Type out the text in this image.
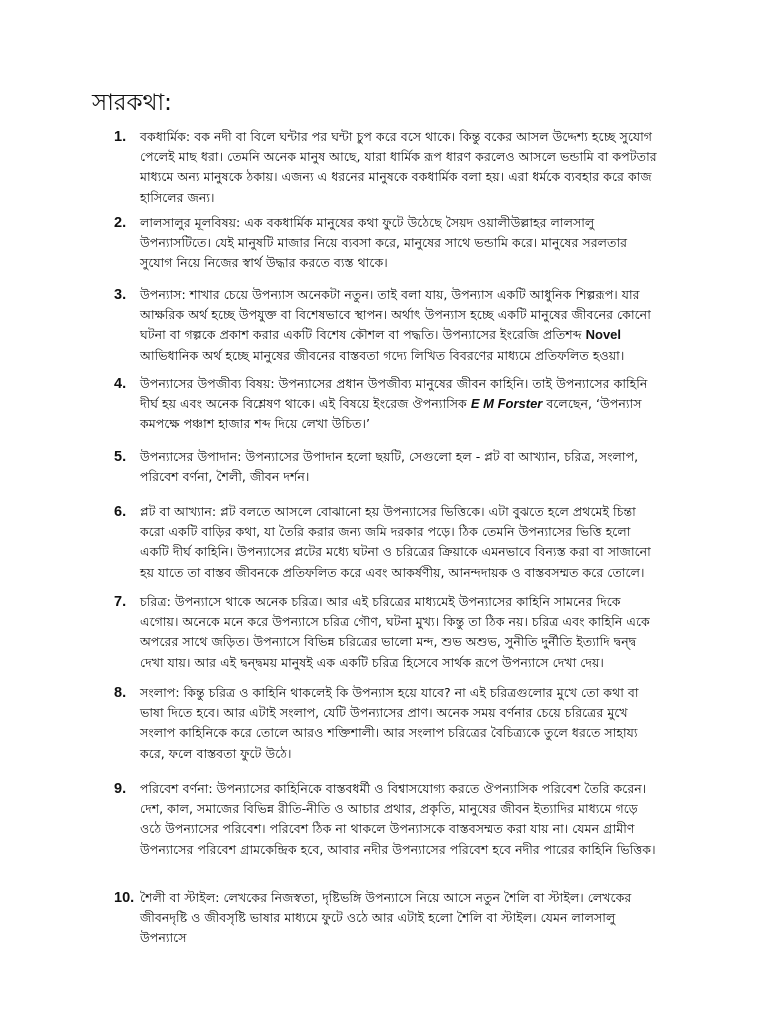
সারকথা:
1.	বকধার্মিক: বক নদী বা বিলে ঘন্টার পর ঘন্টা চুপ করে বসে থাকে। কিন্তু বকের আসল উদ্দেশ্য হচ্ছে সুযোগ পেলেই মাছ ধরা। তেমনি অনেক মানুষ আছে, যারা ধার্মিক রূপ ধারণ করলেও আসলে ভন্ডামি বা কপটতার মাধ্যমে অন্য মানুষকে ঠকায়। এজন্য এ ধরনের মানুষকে বকধার্মিক বলা হয়। এরা ধর্মকে ব্যবহার করে কাজ হাসিলের জন্য।
2.	লালসালুর মূলবিষয়: এক বকধার্মিক মানুষের কথা ফুটে উঠেছে সৈয়দ ওয়ালীউল্লাহর লালসালু উপন্যাসটিতে। যেই মানুষটি মাজার নিয়ে ব্যবসা করে, মানুষের সাথে ভন্ডামি করে। মানুষের সরলতার সুযোগ নিয়ে নিজের স্বার্থ উদ্ধার করতে ব্যস্ত থাকে।
3.	উপন্যাস: শাখার চেয়ে উপন্যাস অনেকটা নতুন। তাই বলা যায়, উপন্যাস একটি আধুনিক শিল্পরূপ। যার আক্ষরিক অর্থ হচ্ছে উপযুক্ত বা বিশেষভাবে স্থাপন। অর্থাৎ উপন্যাস হচ্ছে একটি মানুষের জীবনের কোনো ঘটনা বা গল্পকে প্রকাশ করার একটি বিশেষ কৌশল বা পদ্ধতি। উপন্যাসের ইংরেজি প্রতিশব্দ Novel আভিধানিক অর্থ হচ্ছে মানুষের জীবনের বাস্তবতা গদ্যে লিখিত বিবরণের মাধ্যমে প্রতিফলিত হওয়া।
4.	উপন্যাসের উপজীব্য বিষয়: উপন্যাসের প্রধান উপজীব্য মানুষের জীবন কাহিনি। তাই উপন্যাসের কাহিনি দীর্ঘ হয় এবং অনেক বিশ্লেষণ থাকে। এই বিষয়ে ইংরেজ ঔপন্যাসিক E M Forster বলেছেন, ‘উপন্যাস কমপক্ষে পঞ্চাশ হাজার শব্দ দিয়ে লেখা উচিত।’
5.	উপন্যাসের উপাদান: উপন্যাসের উপাদান হলো ছয়টি, সেগুলো হল - প্লট বা আখ্যান, চরিত্র, সংলাপ, পরিবেশ বর্ণনা, শৈলী, জীবন দর্শন।
6.	প্লট বা আখ্যান: প্লট বলতে আসলে বোঝানো হয় উপন্যাসের ভিত্তিকে। এটা বুঝতে হলে প্রথমেই চিন্তা করো একটি বাড়ির কথা, যা তৈরি করার জন্য জমি দরকার পড়ে। ঠিক তেমনি উপন্যাসের ভিত্তি হলো একটি দীর্ঘ কাহিনি। উপন্যাসের প্লটের মধ্যে ঘটনা ও চরিত্রের ক্রিয়াকে এমনভাবে বিন্যস্ত করা বা সাজানো হয় যাতে তা বাস্তব জীবনকে প্রতিফলিত করে এবং আকর্ষণীয়, আনন্দদায়ক ও বাস্তবসম্মত করে তোলে।
7.	চরিত্র: উপন্যাসে থাকে অনেক চরিত্র। আর এই চরিত্রের মাধ্যমেই উপন্যাসের কাহিনি সামনের দিকে এগোয়। অনেকে মনে করে উপন্যাসে চরিত্র গৌণ, ঘটনা মুখ্য। কিন্তু তা ঠিক নয়। চরিত্র এবং কাহিনি একে অপরের সাথে জড়িত। উপন্যাসে বিভিন্ন চরিত্রের ভালো মন্দ, শুভ অশুভ, সুনীতি দুর্নীতি ইত্যাদি দ্বন্দ্ব দেখা যায়। আর এই দ্বন্দ্বময় মানুষই এক একটি চরিত্র হিসেবে সার্থক রূপে উপন্যাসে দেখা দেয়।
8.	সংলাপ: কিন্তু চরিত্র ও কাহিনি থাকলেই কি উপন্যাস হয়ে যাবে? না এই চরিত্রগুলোর মুখে তো কথা বা ভাষা দিতে হবে। আর এটাই সংলাপ, যেটি উপন্যাসের প্রাণ। অনেক সময় বর্ণনার চেয়ে চরিত্রের মুখে সংলাপ কাহিনিকে করে তোলে আরও শক্তিশালী। আর সংলাপ চরিত্রের বৈচিত্র্যকে তুলে ধরতে সাহায্য করে, ফলে বাস্তবতা ফুটে উঠে।
9.	পরিবেশ বর্ণনা: উপন্যাসের কাহিনিকে বাস্তবধর্মী ও বিশ্বাসযোগ্য করতে ঔপন্যাসিক পরিবেশ তৈরি করেন। দেশ, কাল, সমাজের বিভিন্ন রীতি-নীতি ও আচার প্রথার, প্রকৃতি, মানুষের জীবন ইত্যাদির মাধ্যমে গড়ে ওঠে উপন্যাসের পরিবেশ। পরিবেশ ঠিক না থাকলে উপন্যাসকে বাস্তবসম্মত করা যায় না। যেমন গ্রামীণ উপন্যাসের পরিবেশ গ্রামকেন্দ্রিক হবে, আবার নদীর উপন্যাসের পরিবেশ হবে নদীর পারের কাহিনি ভিত্তিক।
10. শৈলী বা স্টাইল: লেখকের নিজস্বতা, দৃষ্টিভঙ্গি উপন্যাসে নিয়ে আসে নতুন শৈলি বা স্টাইল। লেখকের জীবনদৃষ্টি ও জীবসৃষ্টি ভাষার মাধ্যমে ফুটে ওঠে আর এটাই হলো শৈলি বা স্টাইল। যেমন লালসালু উপন্যাসে
